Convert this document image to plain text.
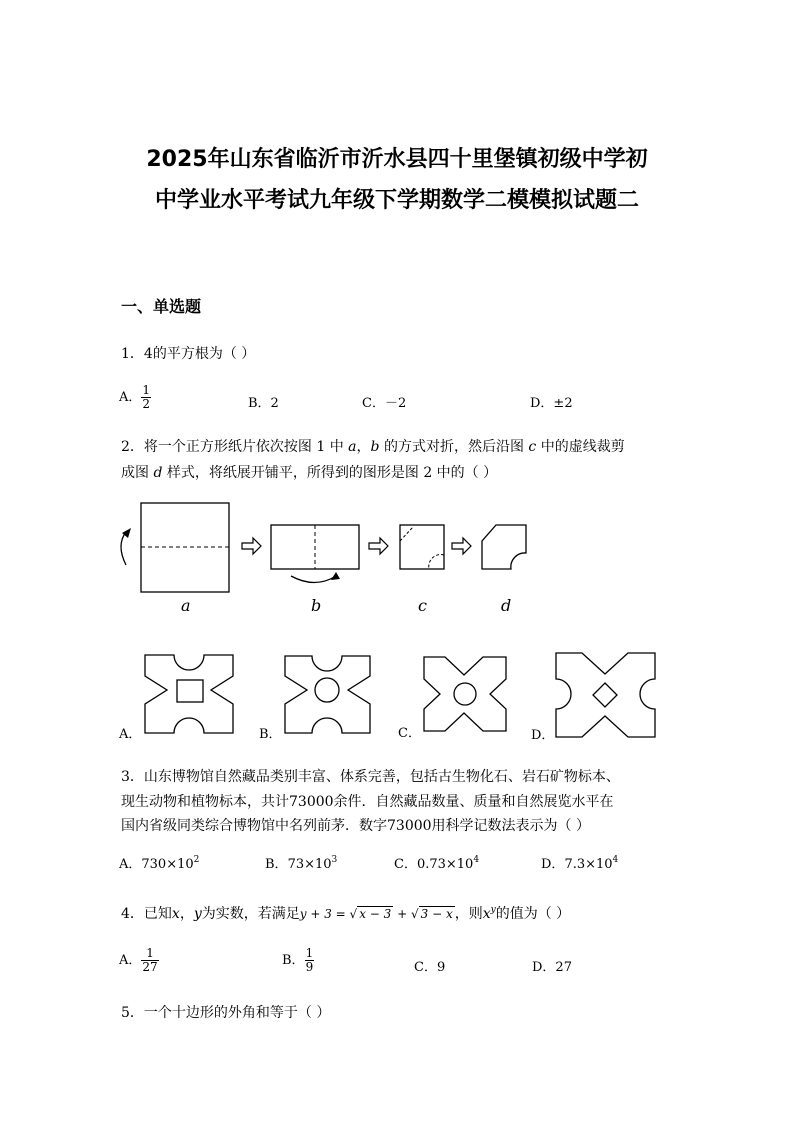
2025年山东省临沂市沂水县四十里堡镇初级中学初
中学业水平考试九年级下学期数学二模模拟试题二
一、单选题
1．4的平方根为（ ）
A． $\frac{1}{2}$	B．2	C．－2	D．±2
2．将一个正方形纸片依次按图 1 中 a，b 的方式对折，然后沿图 c 中的虚线裁剪
成图 d 样式，将纸展开铺平，所得到的图形是图 2 中的（ ）
a	b	c	d
A．	B．	C．	D．
3．山东博物馆自然藏品类别丰富、体系完善，包括古生物化石、岩石矿物标本、
现生动物和植物标本，共计73000余件．自然藏品数量、质量和自然展览水平在
国内省级同类综合博物馆中名列前茅．数字73000用科学记数法表示为（ ）
A．$730\times 10^2$	B．$73\times 10^3$	C．$0.73\times 10^4$	D．$7.3\times 10^4$
4．已知x，y为实数，若满足y + 3 = √ x − 3 + √ 3 − x ，则$x^y$的值为（ ）
A． $\frac{1}{27}$	B． $\frac{1}{9}$	C．9	D．27
5．一个十边形的外角和等于（ ）
